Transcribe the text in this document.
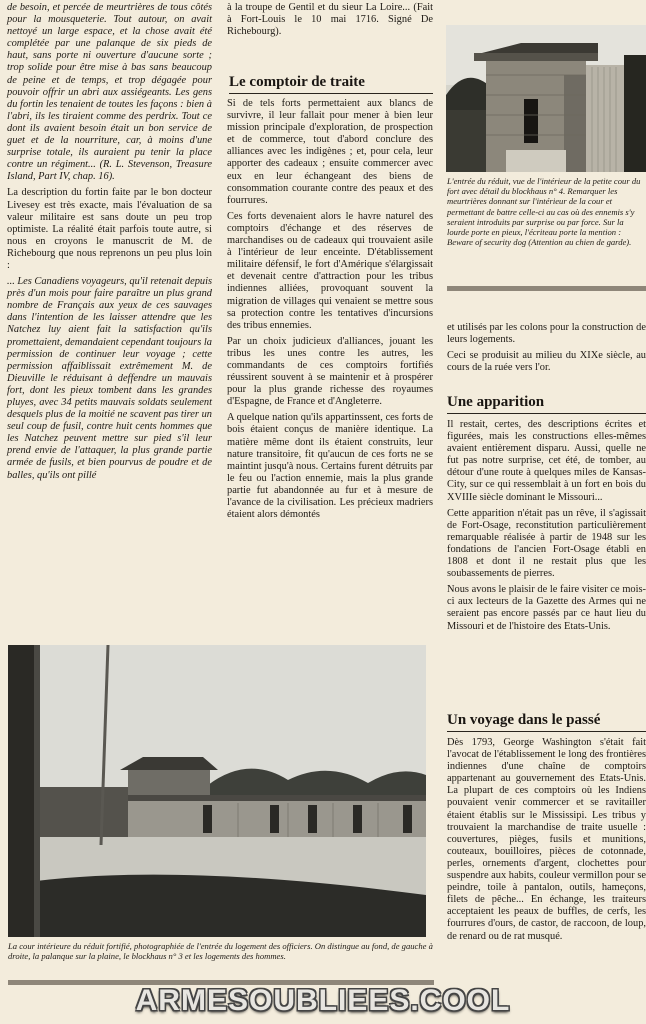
de besoin, et percée de meurtrières de tous côtés pour la mousqueterie. Tout autour, on avait nettoyé un large espace, et la chose avait été complétée par une palanque de six pieds de haut, sans porte ni ouverture d'aucune sorte ; trop solide pour être mise à bas sans beaucoup de peine et de temps, et trop dégagée pour pouvoir offrir un abri aux assiégeants. Les gens du fortin les tenaient de toutes les façons : bien à l'abri, ils les tiraient comme des perdrix. Tout ce dont ils avaient besoin était un bon service de guet et de la nourriture, car, à moins d'une surprise totale, ils auraient pu tenir la place contre un régiment... (R. L. Stevenson, Treasure Island, Part IV, chap. 16).

La description du fortin faite par le bon docteur Livesey est très exacte, mais l'évaluation de sa valeur militaire est sans doute un peu trop optimiste. La réalité était parfois toute autre, si nous en croyons le manuscrit de M. de Richebourg que nous reprenons un peu plus loin :

... Les Canadiens voyageurs, qu'il retenait depuis près d'un mois pour faire paraître un plus grand nombre de Français aux yeux de ces sauvages dans l'intention de les laisser attendre que les Natchez luy aient fait la satisfaction qu'ils promettaient, demandaient cependant toujours la permission de continuer leur voyage ; cette permission affaiblissait extrêmement M. de Dieuville le réduisant à deffendre un mauvais fort, dont les pieux tombent dans les grandes pluyes, avec 34 petits mauvais soldats seulement desquels plus de la moitié ne scavent pas tirer un seul coup de fusil, contre huit cents hommes que les Natchez peuvent mettre sur pied s'il leur prend envie de l'attaquer, la plus grande partie armée de fusils, et bien pourvus de poudre et de balles, qu'ils ont pillé

à la troupe de Gentil et du sieur La Loire... (Fait à Fort-Louis le 10 mai 1716. Signé De Richebourg).

Le comptoir de traite

Si de tels forts permettaient aux blancs de survivre, il leur fallait pour mener à bien leur mission principale d'exploration, de prospection et de commerce, tout d'abord conclure des alliances avec les indigènes ; et, pour cela, leur apporter des cadeaux ; ensuite commercer avec eux en leur échangeant des biens de consommation courante contre des peaux et des fourrures.

Ces forts devenaient alors le havre naturel des comptoirs d'échange et des réserves de marchandises ou de cadeaux qui trouvaient asile à l'intérieur de leur enceinte. D'établissement militaire défensif, le fort d'Amérique s'élargissait et devenait centre d'attraction pour les tribus indiennes alliées, provoquant souvent la migration de villages qui venaient se mettre sous sa protection contre les tentatives d'incursions des tribus ennemies.

Par un choix judicieux d'alliances, jouant les tribus les unes contre les autres, les commandants de ces comptoirs fortifiés réussirent souvent à se maintenir et à prospérer pour la plus grande richesse des royaumes d'Espagne, de France et d'Angleterre.

A quelque nation qu'ils appartinssent, ces forts de bois étaient conçus de manière identique. La matière même dont ils étaient construits, leur nature transitoire, fit qu'aucun de ces forts ne se maintint jusqu'à nous. Certains furent détruits par le feu ou l'action ennemie, mais la plus grande partie fut abandonnée au fur et à mesure de l'avance de la civilisation. Les précieux madriers étaient alors démontés

L'entrée du réduit, vue de l'intérieur de la petite cour du fort avec détail du blockhaus n° 4. Remarquer les meurtrières donnant sur l'intérieur de la cour et permettant de battre celle-ci au cas où des ennemis s'y seraient introduits par surprise ou par force. Sur la lourde porte en pieux, l'écriteau porte la mention : Beware of security dog (Attention au chien de garde).

et utilisés par les colons pour la construction de leurs logements.

Ceci se produisit au milieu du XIXe siècle, au cours de la ruée vers l'or.

Une apparition

Il restait, certes, des descriptions écrites et figurées, mais les constructions elles-mêmes avaient entièrement disparu. Aussi, quelle ne fut pas notre surprise, cet été, de tomber, au détour d'une route à quelques miles de Kansas-City, sur ce qui ressemblait à un fort en bois du XVIIIe siècle dominant le Missouri...

Cette apparition n'était pas un rêve, il s'agissait de Fort-Osage, reconstitution particulièrement remarquable réalisée à partir de 1948 sur les fondations de l'ancien Fort-Osage établi en 1808 et dont il ne restait plus que les soubassements de pierres.

Nous avons le plaisir de le faire visiter ce mois-ci aux lecteurs de la Gazette des Armes qui ne seraient pas encore passés par ce haut lieu du Missouri et de l'histoire des Etats-Unis.

Un voyage dans le passé

Dès 1793, George Washington s'était fait l'avocat de l'établissement le long des frontières indiennes d'une chaîne de comptoirs appartenant au gouvernement des Etats-Unis. La plupart de ces comptoirs où les Indiens pouvaient venir commercer et se ravitailler étaient établis sur le Mississipi. Les tribus y trouvaient la marchandise de traite usuelle : couvertures, pièges, fusils et munitions, couteaux, bouilloires, pièces de cotonnade, perles, ornements d'argent, clochettes pour suspendre aux habits, couleur vermillon pour se peindre, toile à pantalon, outils, hameçons, filets de pêche... En échange, les traiteurs acceptaient les peaux de buffles, de cerfs, les fourrures d'ours, de castor, de raccoon, de loup, de renard ou de rat musqué.

La cour intérieure du réduit fortifié, photographiée de l'entrée du logement des officiers. On distingue au fond, de gauche à droite, la palanque sur la plaine, le blockhaus n° 3 et les logements des hommes.
ARMESOUBLIEES.COOL
